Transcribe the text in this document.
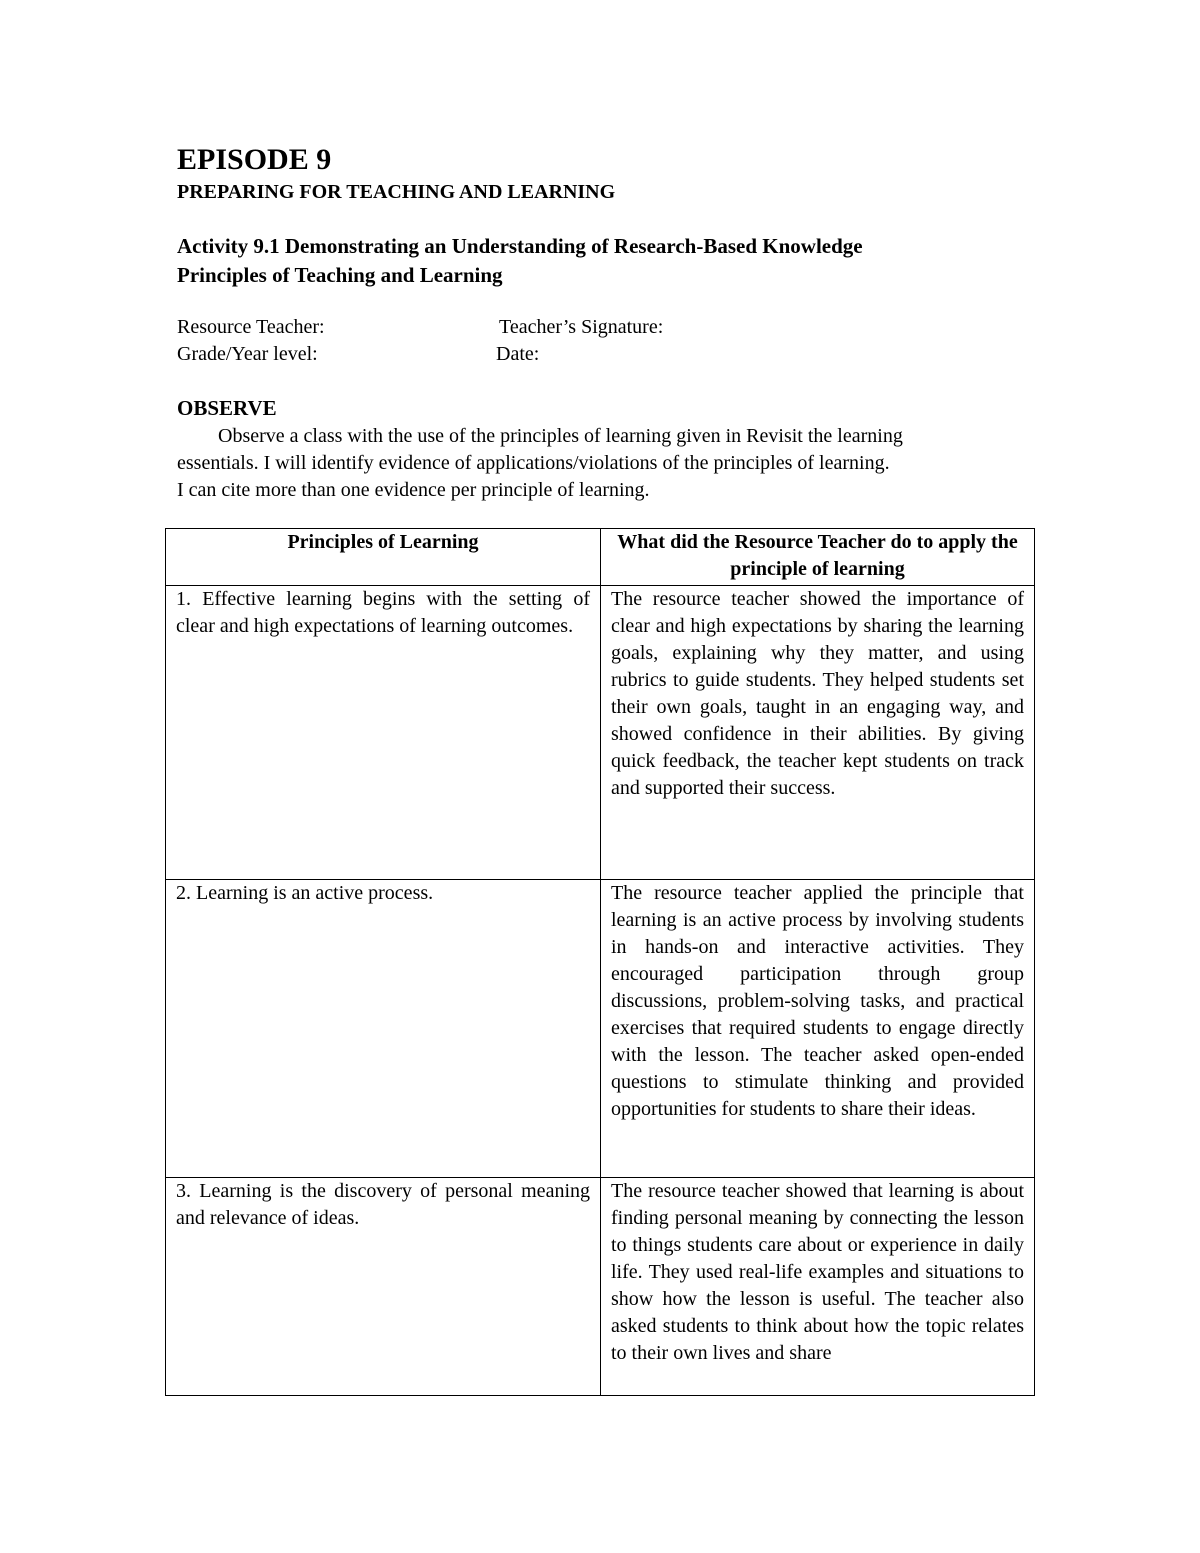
EPISODE 9
PREPARING FOR TEACHING AND LEARNING
Activity 9.1 Demonstrating an Understanding of Research-Based Knowledge
Principles of Teaching and Learning
Resource Teacher:	Teacher’s Signature:
Grade/Year level:	Date:
OBSERVE
Observe a class with the use of the principles of learning given in Revisit the learning
essentials. I will identify evidence of applications/violations of the principles of learning.
I can cite more than one evidence per principle of learning.
Principles of Learning	What did the Resource Teacher do to apply the principle of learning
1. Effective learning begins with the setting of clear and high expectations of learning outcomes.	The resource teacher showed the importance of clear and high expectations by sharing the learning goals, explaining why they matter, and using rubrics to guide students. They helped students set their own goals, taught in an engaging way, and showed confidence in their abilities. By giving quick feedback, the teacher kept students on track and supported their success.
2. Learning is an active process.	The resource teacher applied the principle that learning is an active process by involving students in hands-on and interactive activities. They encouraged participation through group discussions, problem-solving tasks, and practical exercises that required students to engage directly with the lesson. The teacher asked open-ended questions to stimulate thinking and provided opportunities for students to share their ideas.

3. Learning is the discovery of personal meaning and relevance of ideas.	The resource teacher showed that learning is about finding personal meaning by connecting the lesson to things students care about or experience in daily life. They used real-life examples and situations to show how the lesson is useful. The teacher also asked students to think about how the topic relates to their own lives and share
